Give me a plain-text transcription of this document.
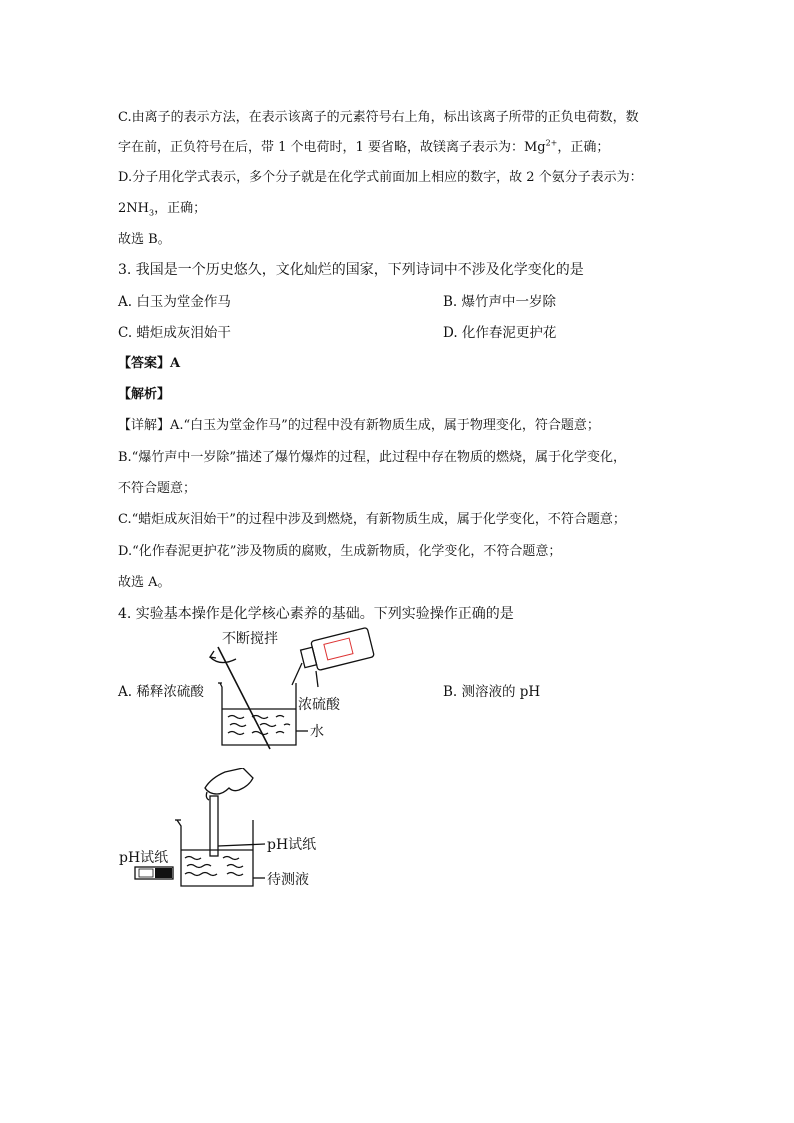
C.由离子的表示方法，在表示该离子的元素符号右上角，标出该离子所带的正负电荷数，数
字在前，正负符号在后，带 1 个电荷时，1 要省略，故镁离子表示为：$Mg^{2+}$，正确；
D.分子用化学式表示，多个分子就是在化学式前面加上相应的数字，故 2 个氨分子表示为：
$2NH_3$，正确；
故选 B。
3. 我国是一个历史悠久，文化灿烂的国家，下列诗词中不涉及化学变化的是
A. 白玉为堂金作马	B. 爆竹声中一岁除
C. 蜡炬成灰泪始干	D. 化作春泥更护花
【答案】A
【解析】
【详解】A.“白玉为堂金作马”的过程中没有新物质生成，属于物理变化，符合题意；
B.“爆竹声中一岁除”描述了爆竹爆炸的过程，此过程中存在物质的燃烧，属于化学变化，
不符合题意；
C.“蜡炬成灰泪始干”的过程中涉及到燃烧，有新物质生成，属于化学变化，不符合题意；
D.“化作春泥更护花”涉及物质的腐败，生成新物质，化学变化，不符合题意；
故选 A。
4. 实验基本操作是化学核心素养的基础。下列实验操作正确的是
A. 稀释浓硫酸	B. 测溶液的 pH
不断搅拌
浓硫酸
水
pH试纸
pH试纸
待测液
